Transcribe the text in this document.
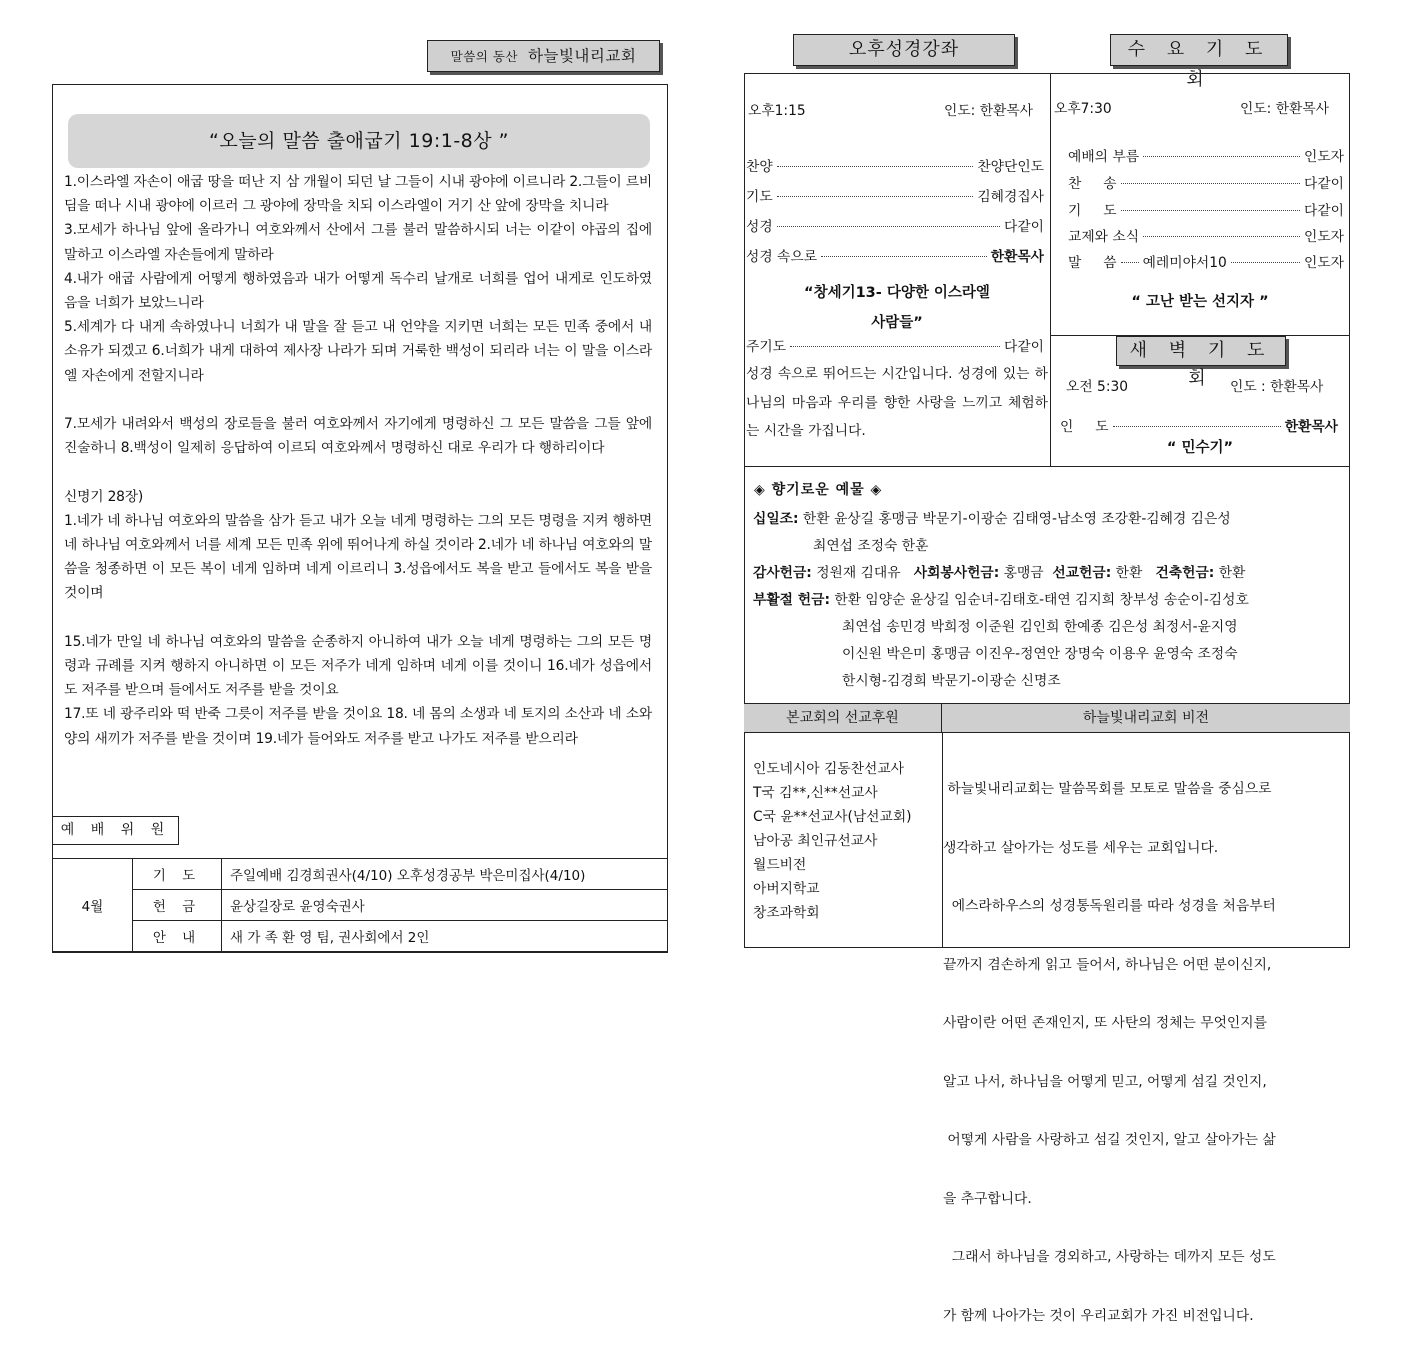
말씀의 동산 하늘빛내리교회
“오늘의 말씀 출애굽기 19:1-8상 ”

1.이스라엘 자손이 애굽 땅을 떠난 지 삼 개월이 되던 날 그들이 시내 광야에 이르니라 2.그들이 르비딤을 떠나 시내 광야에 이르러 그 광야에 장막을 치되 이스라엘이 거기 산 앞에 장막을 치니라

3.모세가 하나님 앞에 올라가니 여호와께서 산에서 그를 불러 말씀하시되 너는 이같이 야곱의 집에 말하고 이스라엘 자손들에게 말하라

4.내가 애굽 사람에게 어떻게 행하였음과 내가 어떻게 독수리 날개로 너희를 업어 내게로 인도하였음을 너희가 보았느니라

5.세계가 다 내게 속하였나니 너희가 내 말을 잘 듣고 내 언약을 지키면 너희는 모든 민족 중에서 내 소유가 되겠고 6.너희가 내게 대하여 제사장 나라가 되며 거룩한 백성이 되리라 너는 이 말을 이스라엘 자손에게 전할지니라

7.모세가 내려와서 백성의 장로들을 불러 여호와께서 자기에게 명령하신 그 모든 말씀을 그들 앞에 진술하니 8.백성이 일제히 응답하여 이르되 여호와께서 명령하신 대로 우리가 다 행하리이다

신명기 28장)

1.네가 네 하나님 여호와의 말씀을 삼가 듣고 내가 오늘 네게 명령하는 그의 모든 명령을 지켜 행하면 네 하나님 여호와께서 너를 세계 모든 민족 위에 뛰어나게 하실 것이라 2.네가 네 하나님 여호와의 말씀을 청종하면 이 모든 복이 네게 임하며 네게 이르리니 3.성읍에서도 복을 받고 들에서도 복을 받을 것이며

15.네가 만일 네 하나님 여호와의 말씀을 순종하지 아니하여 내가 오늘 네게 명령하는 그의 모든 명령과 규례를 지켜 행하지 아니하면 이 모든 저주가 네게 임하며 네게 이를 것이니 16.네가 성읍에서도 저주를 받으며 들에서도 저주를 받을 것이요

17.또 네 광주리와 떡 반죽 그릇이 저주를 받을 것이요 18. 네 몸의 소생과 네 토지의 소산과 네 소와 양의 새끼가 저주를 받을 것이며 19.네가 들어와도 저주를 받고 나가도 저주를 받으리라

예 배 위 원
4월	기 도	주일예배 김경희권사(4/10) 오후성경공부 박은미집사(4/10)
	헌 금	윤상길장로 윤영숙권사
	안 내	새 가 족 환 영 팀, 권사회에서 2인
오후성경강좌	수 요 기 도 회
오후1:15	인도: 한환목사
찬양	찬양단인도
기도	김혜경집사
성경	다같이
성경 속으로	한환목사
“창세기13- 다양한 이스라엘
사람들”
주기도	다같이
성경 속으로 뛰어드는 시간입니다. 성경에 있는 하나님의 마음과 우리를 향한 사랑을 느끼고 체험하는 시간을 가집니다.
오후7:30	인도: 한환목사
예배의 부름	인도자
찬     송	다같이
기     도	다같이
교제와 소식	인도자
말     씀 예레미야서10	인도자
“ 고난 받는 선지자 ”
새 벽 기 도 회
오전 5:30	인도 : 한환목사
인     도	한환목사
“ 민수기”
◈ 향기로운 예물 ◈
십일조: 한환 윤상길 홍맹금 박문기-이광순 김태영-남소영 조강환-김혜경 김은성
최연섭 조정숙 한훈
감사헌금: 정원재 김대유 사회봉사헌금: 홍맹금 선교헌금: 한환 건축헌금: 한환
부활절 헌금: 한환 임양순 윤상길 임순녀-김태호-태연 김지희 창부성 송순이-김성호
최연섭 송민경 박희정 이준원 김인희 한예종 김은성 최정서-윤지영
이신원 박은미 홍맹금 이진우-정연안 장명숙 이용우 윤영숙 조정숙
한시형-김경희 박문기-이광순 신명조
본교회의 선교후원	하늘빛내리교회 비전
인도네시아 김동찬선교사
T국 김**,신**선교사
C국 윤**선교사(남선교회)
남아공 최인규선교사
월드비전
아버지학교
창조과학회

하늘빛내리교회는 말씀목회를 모토로 말씀을 중심으로

생각하고 살아가는 성도를 세우는 교회입니다.

에스라하우스의 성경통독원리를 따라 성경을 처음부터

끝까지 겸손하게 읽고 들어서, 하나님은 어떤 분이신지,

사람이란 어떤 존재인지, 또 사탄의 정체는 무엇인지를

알고 나서, 하나님을 어떻게 믿고, 어떻게 섬길 것인지,

어떻게 사람을 사랑하고 섬길 것인지, 알고 살아가는 삶

을 추구합니다.

그래서 하나님을 경외하고, 사랑하는 데까지 모든 성도

가 함께 나아가는 것이 우리교회가 가진 비전입니다.
